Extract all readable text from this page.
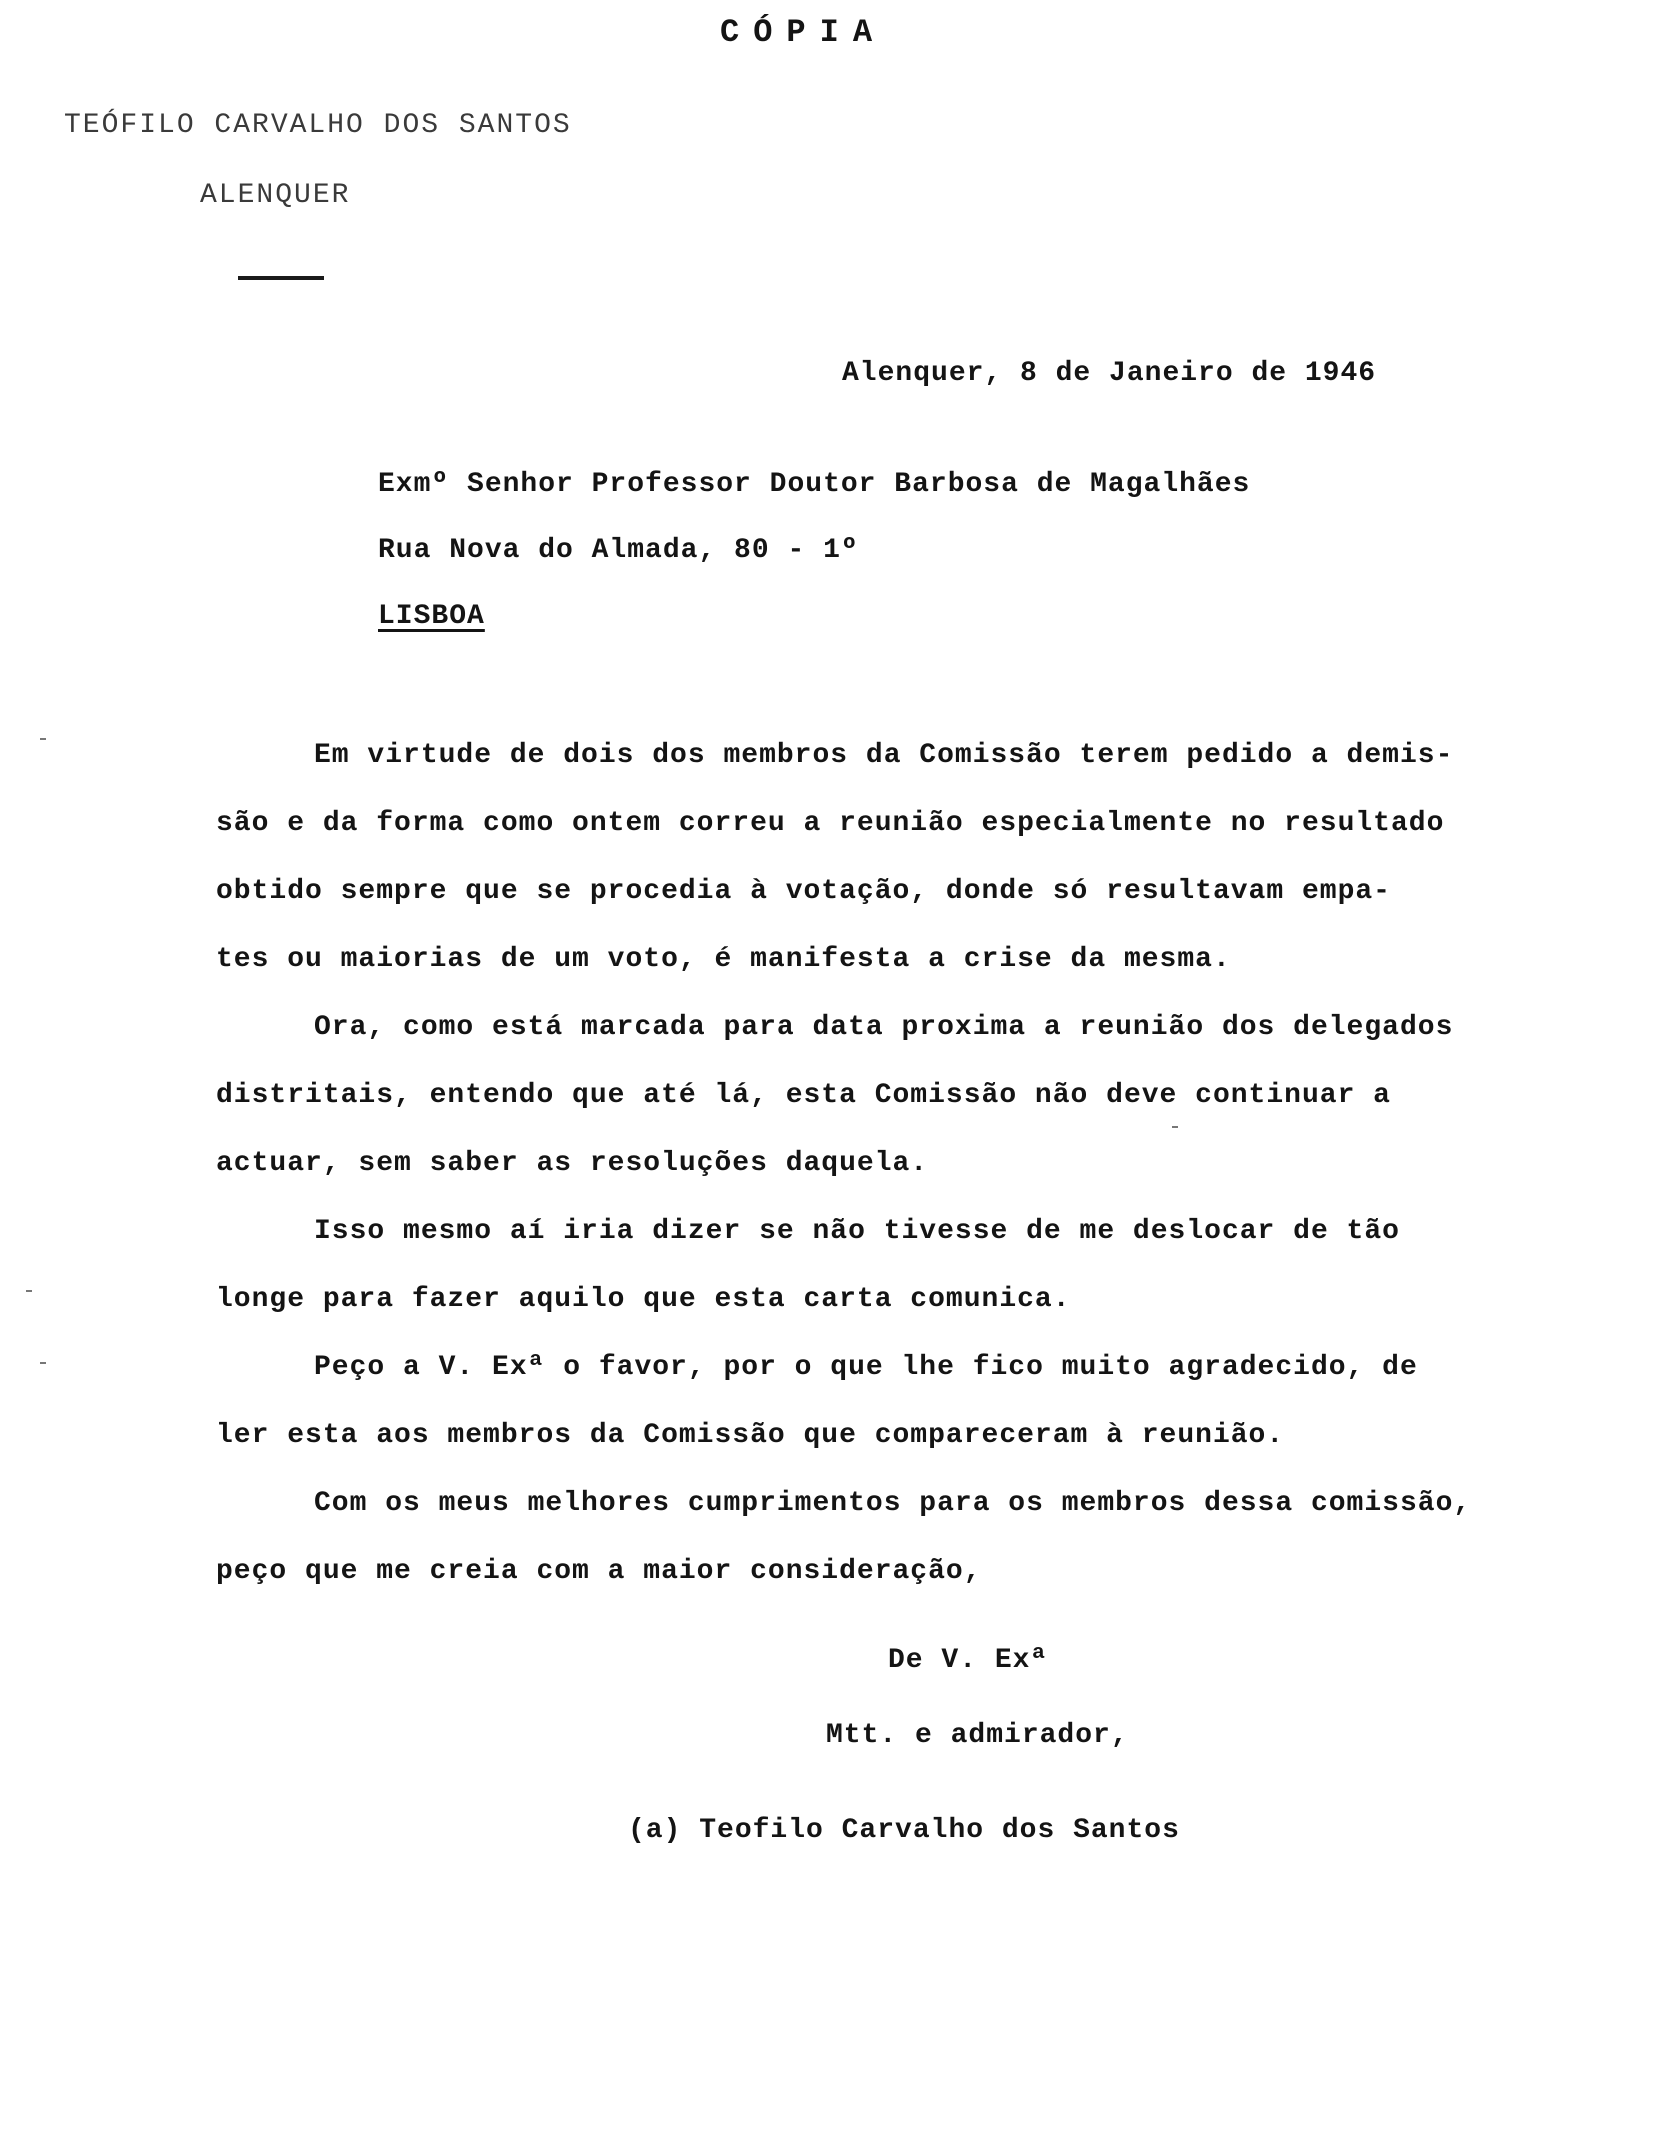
CÓPIA
TEÓFILO CARVALHO DOS SANTOS
ALENQUER
Alenquer, 8 de Janeiro de 1946
Exmº Senhor Professor Doutor Barbosa de Magalhães
Rua Nova do Almada, 80 - 1º
LISBOA
Em virtude de dois dos membros da Comissão terem pedido a demis-
são e da forma como ontem correu a reunião especialmente no resultado
obtido sempre que se procedia à votação, donde só resultavam empa-
tes ou maiorias de um voto, é manifesta a crise da mesma.
Ora, como está marcada para data proxima a reunião dos delegados
distritais, entendo que até lá, esta Comissão não deve continuar a
actuar, sem saber as resoluções daquela.
Isso mesmo aí iria dizer se não tivesse de me deslocar de tão
longe para fazer aquilo que esta carta comunica.
Peço a V. Exª o favor, por o que lhe fico muito agradecido, de
ler esta aos membros da Comissão que compareceram à reunião.
Com os meus melhores cumprimentos para os membros dessa comissão,
peço que me creia com a maior consideração,
De V. Exª
Mtt. e admirador,
(a) Teofilo Carvalho dos Santos
